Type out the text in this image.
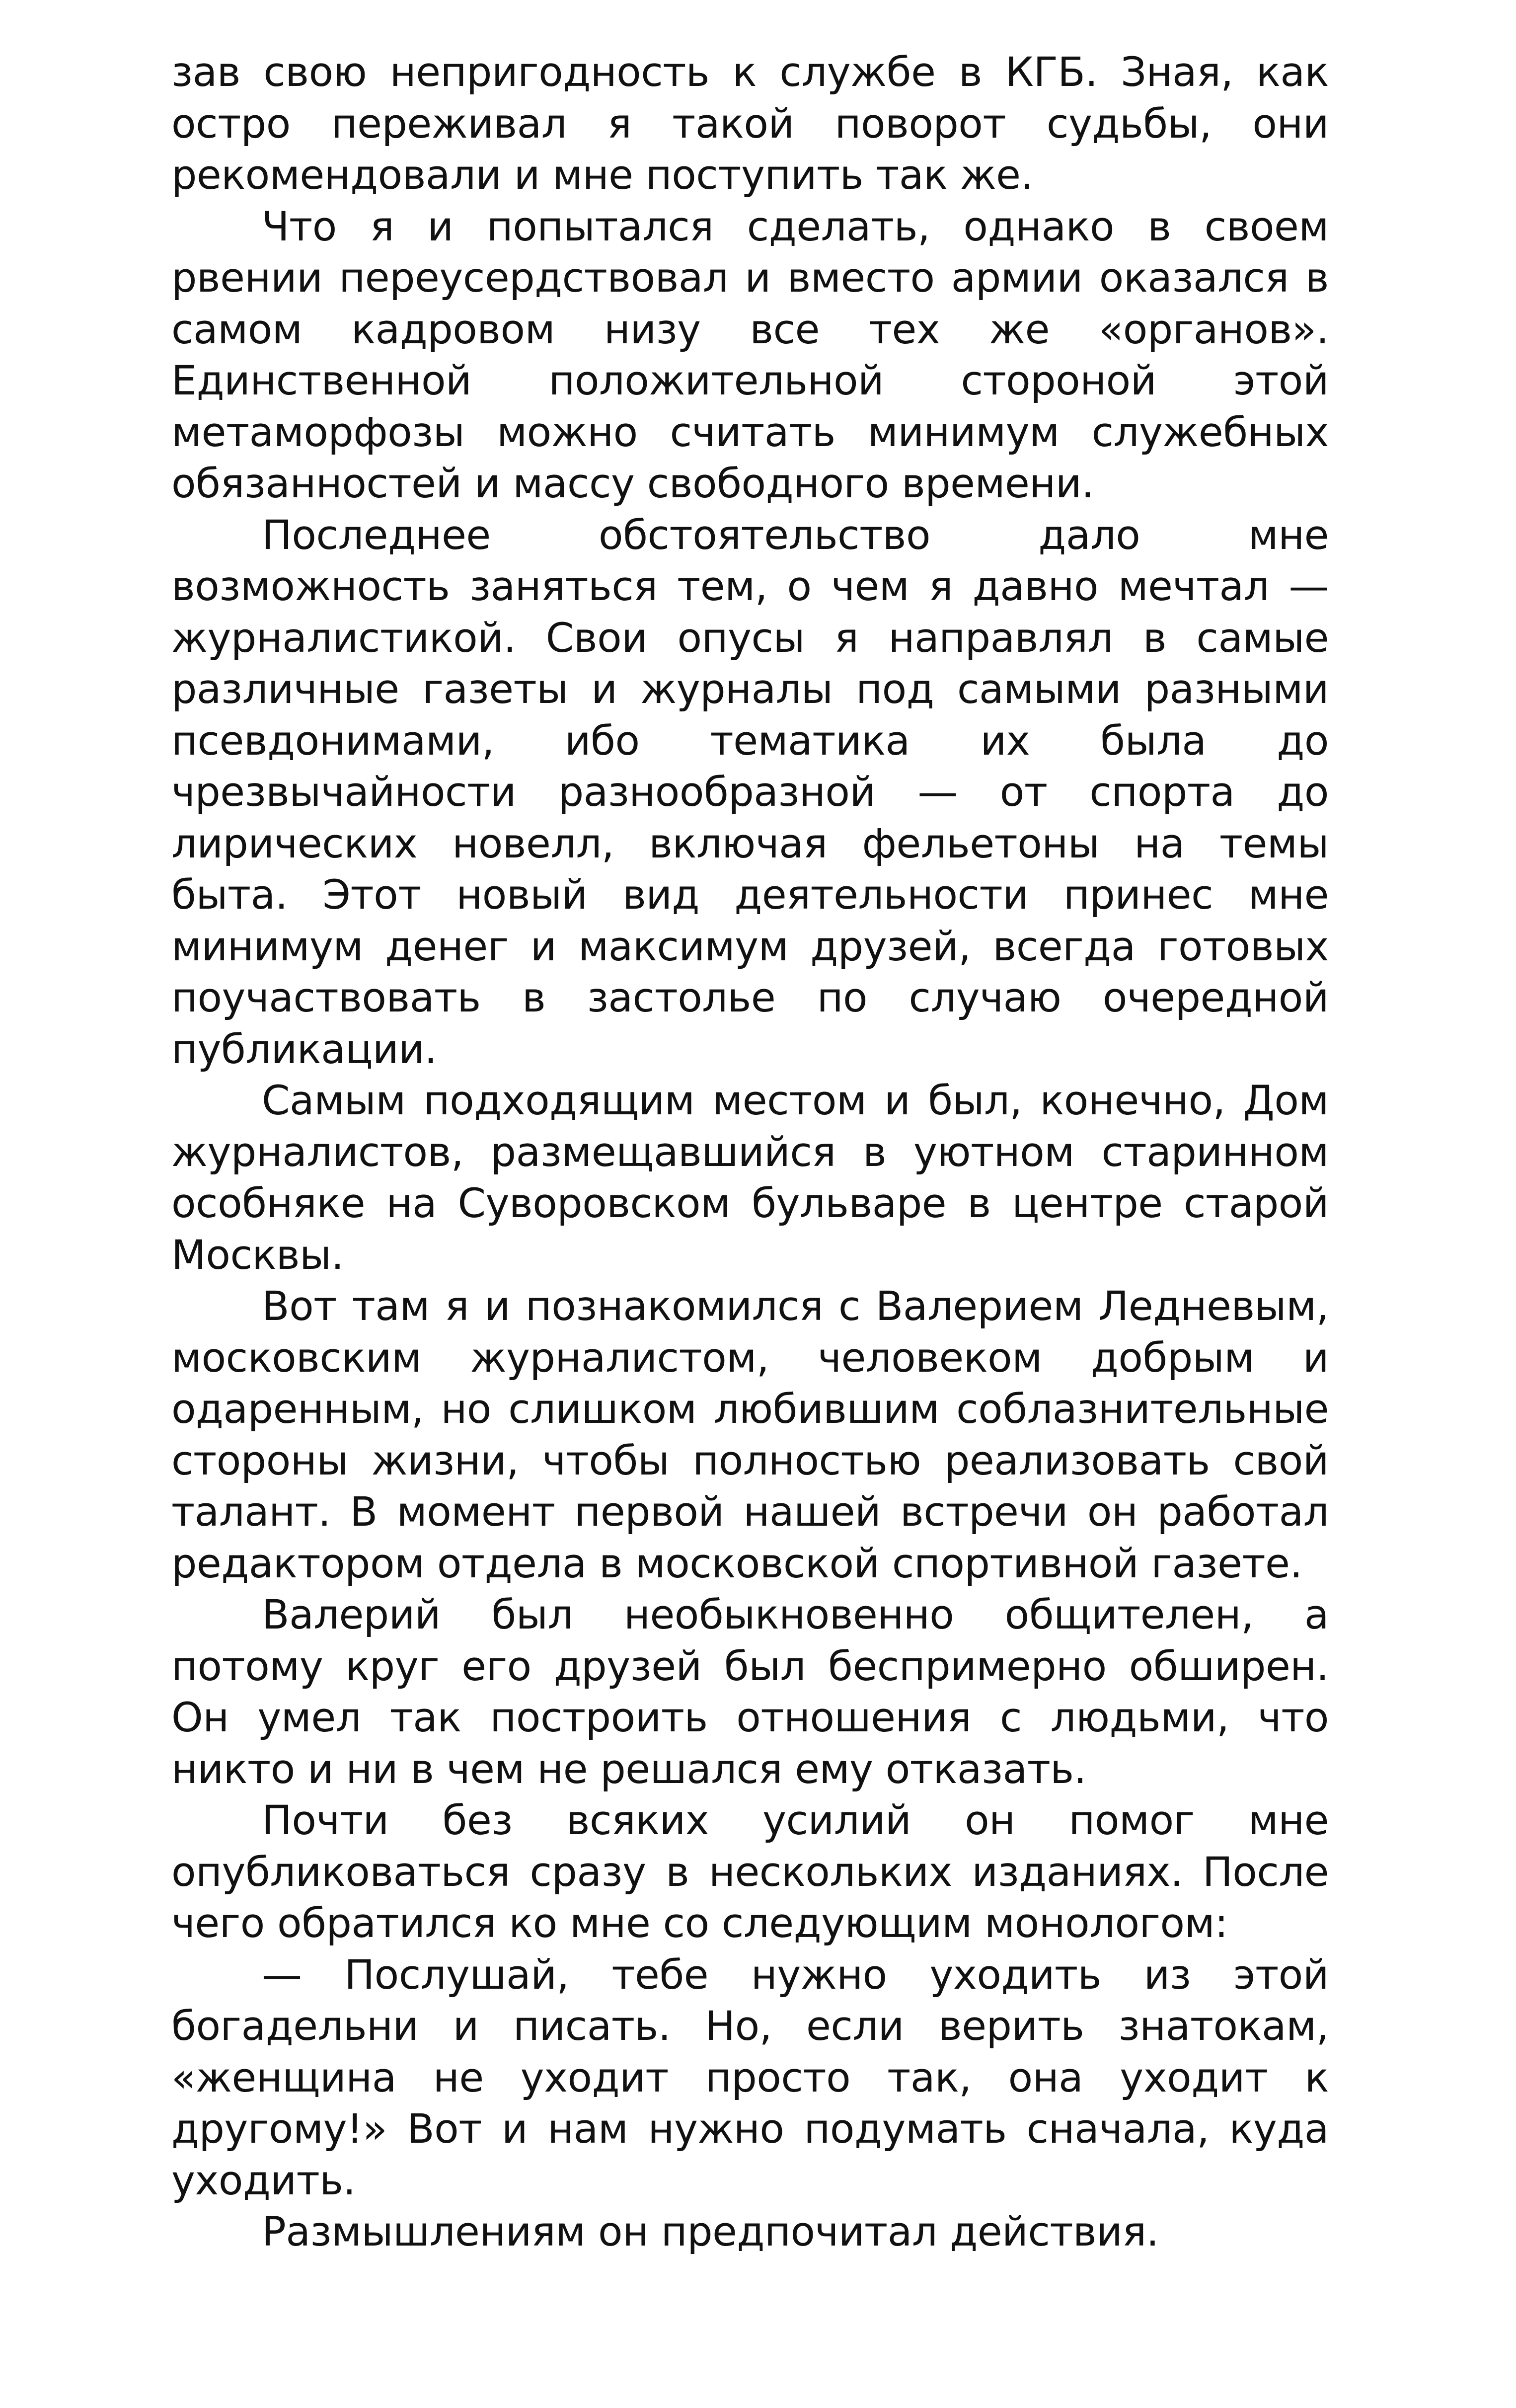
зав свою непригодность к службе в КГБ. Зная, как остро переживал я такой поворот судьбы, они рекомендовали и мне поступить так же.

Что я и попытался сделать, однако в своем рвении переусердствовал и вместо армии оказался в самом кадровом низу все тех же «органов». Единственной положительной стороной этой метаморфозы можно считать минимум служебных обязанностей и массу свободного времени.

Последнее обстоятельство дало мне возможность заняться тем, о чем я давно мечтал — журналистикой. Свои опусы я направлял в самые различные газеты и журналы под самыми разными псевдонимами, ибо тематика их была до чрезвычайности разнообразной — от спорта до лирических новелл, включая фельетоны на темы быта. Этот новый вид деятельности принес мне минимум денег и максимум друзей, всегда готовых поучаствовать в застолье по случаю очередной публикации.

Самым подходящим местом и был, конечно, Дом журналистов, размещавшийся в уютном старинном особняке на Суворовском бульваре в центре старой Москвы.

Вот там я и познакомился с Валерием Ледневым, московским журналистом, человеком добрым и одаренным, но слишком любившим соблазнительные стороны жизни, чтобы полностью реализовать свой талант. В момент первой нашей встречи он работал редактором отдела в московской спортивной газете.

Валерий был необыкновенно общителен, а потому круг его друзей был беспримерно обширен. Он умел так построить отношения с людьми, что никто и ни в чем не решался ему отказать.

Почти без всяких усилий он помог мне опубликоваться сразу в нескольких изданиях. После чего обратился ко мне со следующим монологом:

— Послушай, тебе нужно уходить из этой богадельни и писать. Но, если верить знатокам, «женщина не уходит просто так, она уходит к другому!» Вот и нам нужно подумать сначала, куда уходить.

Размышлениям он предпочитал действия.
